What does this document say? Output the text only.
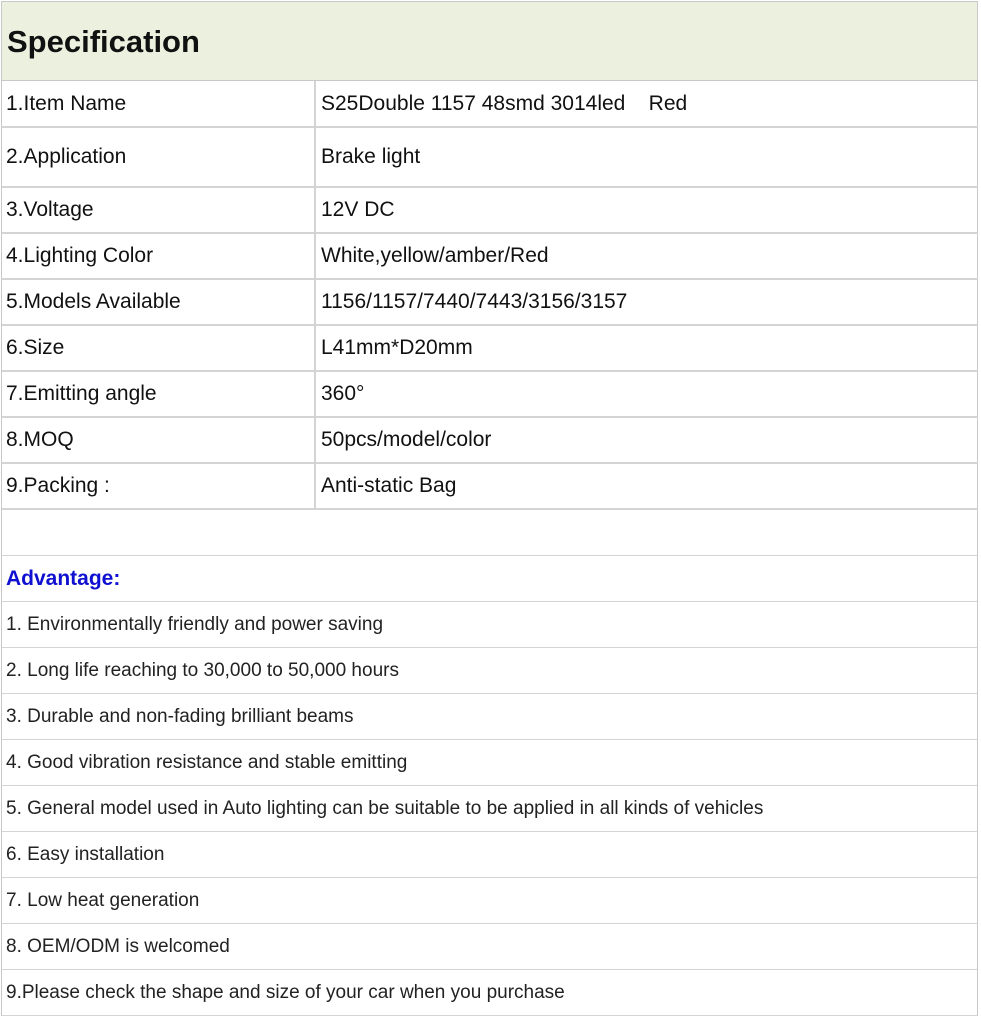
Specification
1.Item Name	S25Double 1157 48smd 3014led    Red
2.Application	Brake light
3.Voltage	12V DC
4.Lighting Color	White,yellow/amber/Red
5.Models Available	1156/1157/7440/7443/3156/3157
6.Size	L41mm*D20mm
7.Emitting angle	360°
8.MOQ	50pcs/model/color
9.Packing :	Anti-static Bag
Advantage:
1. Environmentally friendly and power saving
2. Long life reaching to 30,000 to 50,000 hours
3. Durable and non-fading brilliant beams
4. Good vibration resistance and stable emitting
5. General model used in Auto lighting can be suitable to be applied in all kinds of vehicles
6. Easy installation
7. Low heat generation
8. OEM/ODM is welcomed
9.Please check the shape and size of your car when you purchase
